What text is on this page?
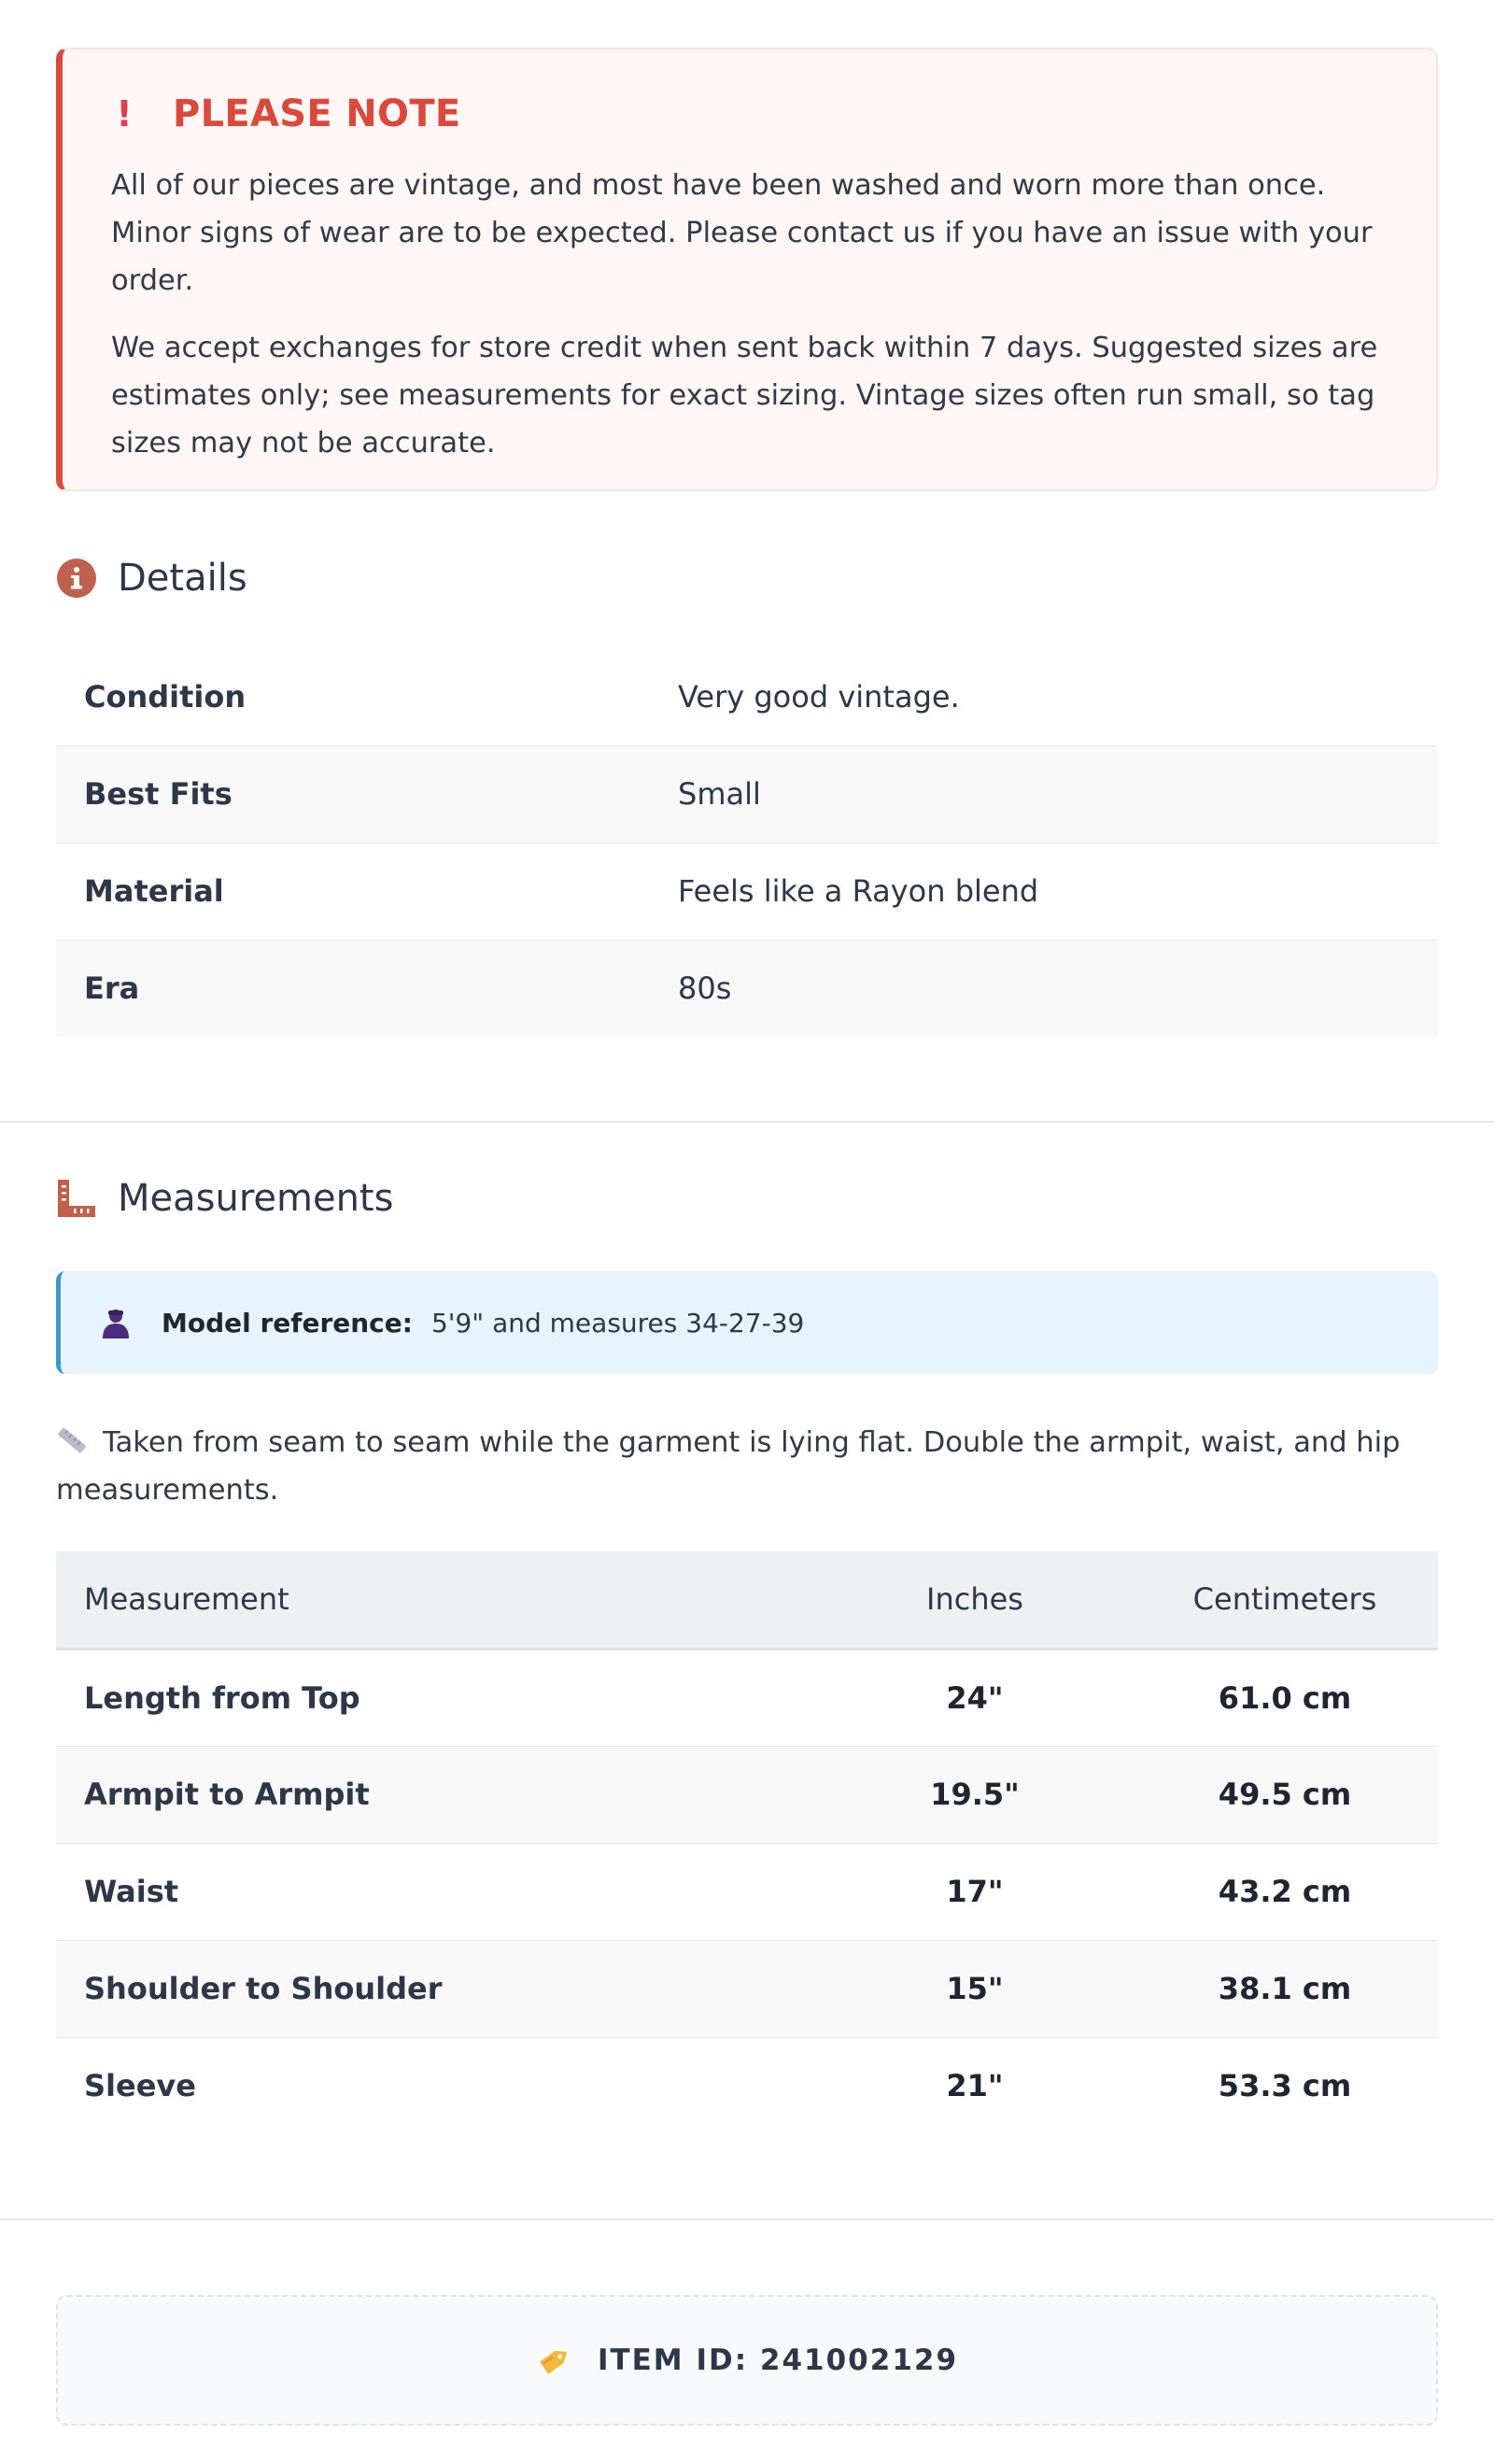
! PLEASE NOTE

All of our pieces are vintage, and most have been washed and worn more than once. Minor signs of wear are to be expected. Please contact us if you have an issue with your order.

We accept exchanges for store credit when sent back within 7 days. Suggested sizes are estimates only; see measurements for exact sizing. Vintage sizes often run small, so tag sizes may not be accurate.

Details
Condition	Very good vintage.
Best Fits	Small
Material	Feels like a Rayon blend
Era	80s
Measurements
Model reference: 5'9" and measures 34-27-39
Taken from seam to seam while the garment is lying flat. Double the armpit, waist, and hip measurements.
Measurement	Inches	Centimeters
Length from Top	24"	61.0 cm
Armpit to Armpit	19.5"	49.5 cm
Waist	17"	43.2 cm
Shoulder to Shoulder	15"	38.1 cm
Sleeve	21"	53.3 cm
ITEM ID: 241002129
